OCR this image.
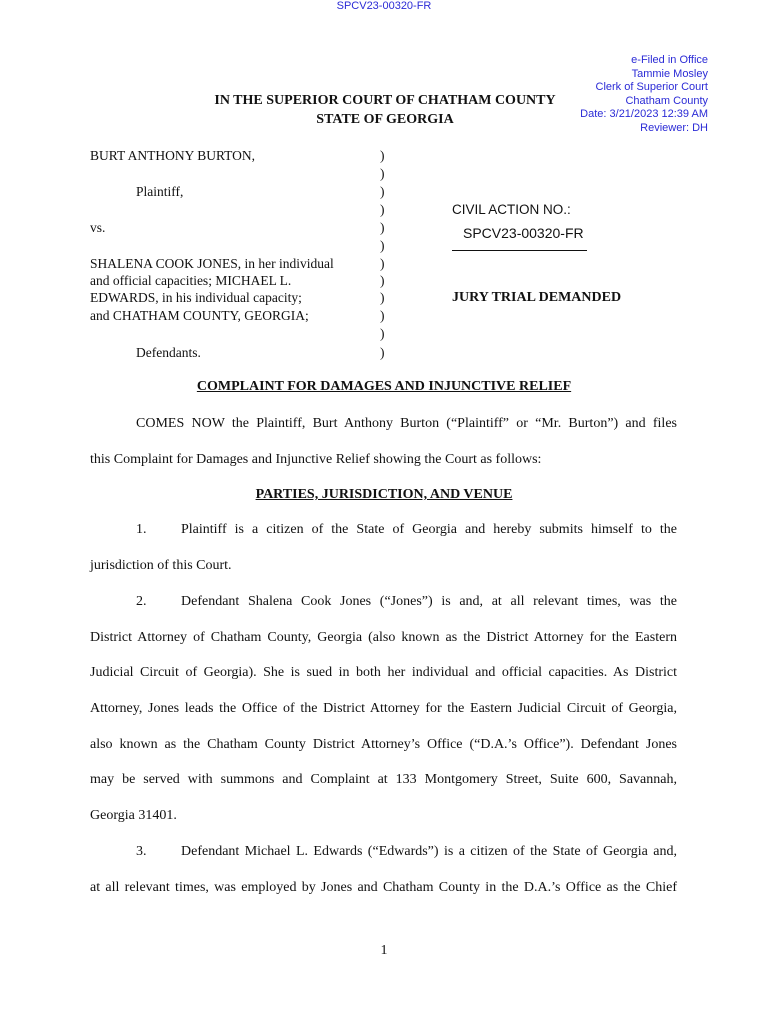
SPCV23-00320-FR
e-Filed in Office
Tammie Mosley
Clerk of Superior Court
Chatham County
Date: 3/21/2023 12:39 AM
Reviewer: DH
IN THE SUPERIOR COURT OF CHATHAM COUNTY
STATE OF GEORGIA
BURT ANTHONY BURTON,
Plaintiff,
vs.
SHALENA COOK JONES, in her individual
and official capacities; MICHAEL L.
EDWARDS, in his individual capacity;
and CHATHAM COUNTY, GEORGIA;
Defendants.
)
)
)
)
)
)
)
)
)
)
)
)
CIVIL ACTION NO.:
SPCV23-00320-FR
JURY TRIAL DEMANDED
COMPLAINT FOR DAMAGES AND INJUNCTIVE RELIEF
COMES NOW the Plaintiff, Burt Anthony Burton (“Plaintiff” or “Mr. Burton”) and files
this Complaint for Damages and Injunctive Relief showing the Court as follows:
PARTIES, JURISDICTION, AND VENUE
1. Plaintiff is a citizen of the State of Georgia and hereby submits himself to the
jurisdiction of this Court.
2. Defendant Shalena Cook Jones (“Jones”) is and, at all relevant times, was the
District Attorney of Chatham County, Georgia (also known as the District Attorney for the Eastern
Judicial Circuit of Georgia). She is sued in both her individual and official capacities. As District
Attorney, Jones leads the Office of the District Attorney for the Eastern Judicial Circuit of Georgia,
also known as the Chatham County District Attorney’s Office (“D.A.’s Office”). Defendant Jones
may be served with summons and Complaint at 133 Montgomery Street, Suite 600, Savannah,
Georgia 31401.
3. Defendant Michael L. Edwards (“Edwards”) is a citizen of the State of Georgia and,
at all relevant times, was employed by Jones and Chatham County in the D.A.’s Office as the Chief
1
